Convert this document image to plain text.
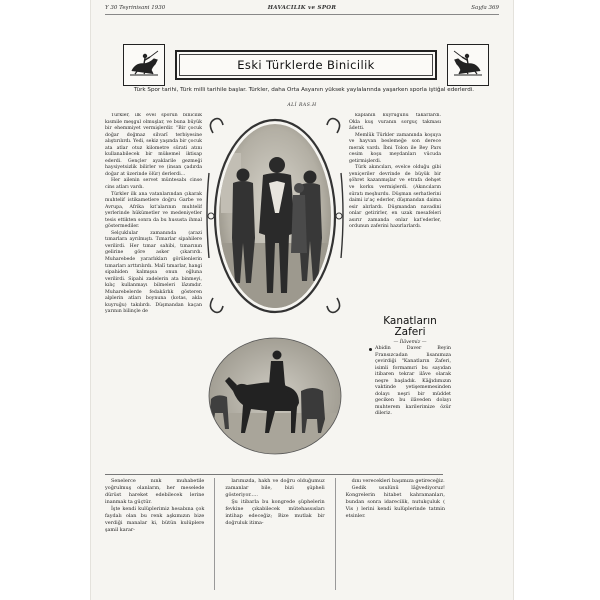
Y 30 Teşrinisani 1930	HAVACILIK ve SPOR	Sayfa 369
Eski Türklerde Binicilik
Türk Spor tarihi, Türk milli tarihile başlar. Türkler, daha Orta Asyanın yüksek yaylalarında yaşarken sporla iştiğal ederlerdi.
ALİ RAS.H

Türkler, ilk evel sporun binicilik kısmile meşgul olmuşlar, ve buna büyük bir ehemmiyet vermişlerdir. "Bir çocuk doğar doğmaz silvarî terbiyesine alıştırılırdı. Yedi, sekiz yaşında bir çocuk ata atlar otuz kilometre sürati atını kullanabilecek bir mükemel iktisap ederdi. Gençler ayaklarile gezmeği haysiyetsizlik bilirler ve (insan çadırda doğar at üzerinde ölür) derlerdi...

Her ailenin servet müntesabı cinse cins atları vardı.

Türkler ilk ana vatanlarından çıkarak muhtelif istikametlere doğru Garbe ve Avrupa, Afrika kıt'alarının muhtelif yerlerinde hükümetler ve medeniyetler tesis ettikten sonra da bu hususta ihmal göstermediler.

Selçuklular zamanında (arazi tımarlara ayrılmıştı. Tımarlar sipahilere verilirdi. Her tımar sahibi, tımarının gelirine göre asker çıkarırdı. Muharebede yararlıkları görülenlerin tımarları arttırılırdı. Malî tımarlar, hangi sipahiden kalmışsa onun oğluna verilirdi. Sipahi zadelerin ata binmeyi, kılıç kullanmayı bilmeleri lâzımdır. Muharebelerde fedakârlık gösteren alplerin atları boynuna (kotas, akla kuyruğu) takılırdı. Düşmandan kaçan yarının bilinçle de

kaplanın kuyruğunu takarlardı. Okla kuş vuranın sorguç takması âdetti.

Memlûk Türkler zamanında koşuya ve hayvan beslemeğe son derece merak vardı. İbni Tolon ile Bey Pars cesim koşu meydanları vücuda getirmişlerdi.

Türk akıncıları, evelce olduğu gibi yeniçeriler devrinde de büyük bir şöhret kazanmışlar ve etrafa dehşet ve korku vermişlerdi. (Akıncıların süratı meşhurdu. Düşman serhatlerini daimi iz'aç ederler, düşmandan daima esir alırlardı. Düşmandan navadini onlar getirirler, en uzak mesafeleri asırır zamanda onlar kat'ederler, ordunun zaferini hazırlarlardı.

Kanatların
Zaferi
— İlâvemiz —
Abidin Daver Beyin Fransızcadan lisanımıza çevirdiği "Kanatların Zaferi, isimli formamıri bu sayıdan itibaren tekrar ilâve olarak neşre başladık. Kâğıdımızın vaktinde yetişememesinden dolayı neşri bir müddet geciken bu ilâveden dolayı muhterem karilerimize özür dileriz.

Senelerce nınk muhabetile yoğrulmuş olanların, her meselede dürüst hareket edebilecek lerine inanmak ta güçtür.

İşte kendi kulüplerimiz hesabına çok faydalı olan bu renk aşkımızın bize verdiği manalar ki, bütün kulüplere şamil karar-

larımızda, hakh ve doğru olduğumuz zamanlar bile, bizi şüpheli gösteriyor.....

Şu itibarla bu kongrede şüphelerin fevkine çıkabilecek mütehassısları intihap edeceğiz; Bize mutlak bir doğruluk itima-

dını verecekleri başımıza getireceğiz.

Gedik usulünü lâğvediyoruz! Kongrelerin hitabet kahramanları, bundan sonra idarecilik, nutukçuluk ( Vis ) lerini kendi kulüplerinde tatmin etsinler.
